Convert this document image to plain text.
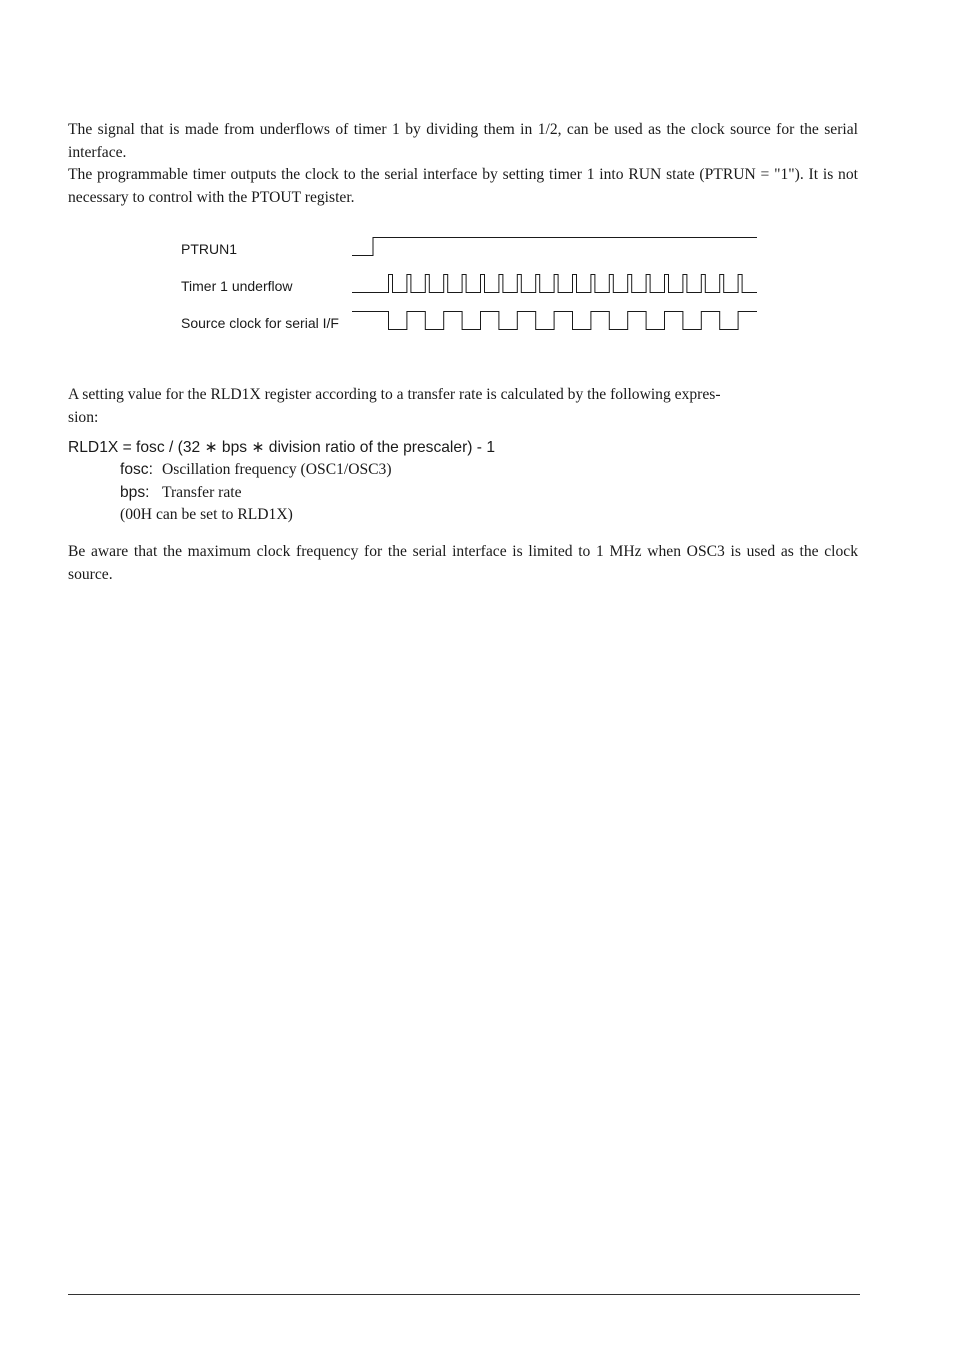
The signal that is made from underflows of timer 1 by dividing them in 1/2, can be used as the clock source for the serial interface.

The programmable timer outputs the clock to the serial interface by setting timer 1 into RUN state (PTRUN = "1"). It is not necessary to control with the PTOUT register.

PTRUN1
Timer 1 underflow
Source clock for serial I/F

A setting value for the RLD1X register according to a transfer rate is calculated by the following expres-
sion:

RLD1X = fosc / (32 ∗ bps ∗ division ratio of the prescaler) - 1
fosc: Oscillation frequency (OSC1/OSC3)
bps: Transfer rate
(00H can be set to RLD1X)

Be aware that the maximum clock frequency for the serial interface is limited to 1 MHz when OSC3 is used as the clock source.
